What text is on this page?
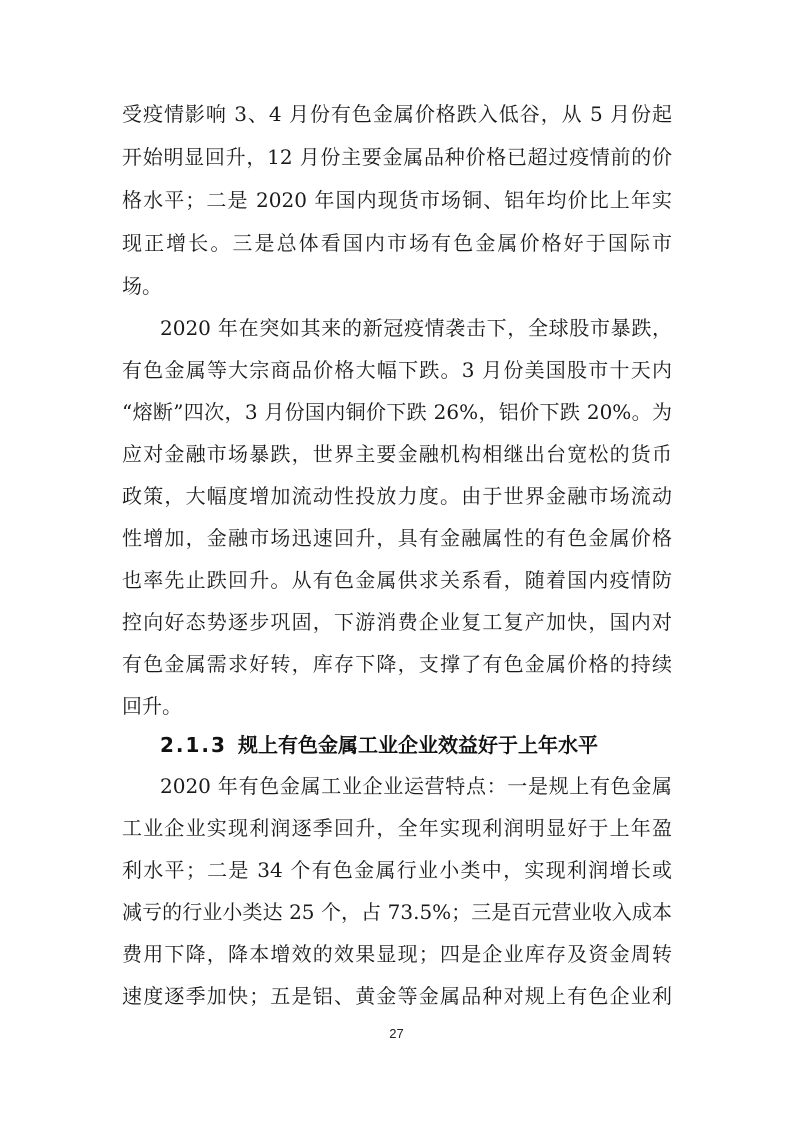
受疫情影响 3、4 月份有色金属价格跌入低谷，从 5 月份起
开始明显回升，12 月份主要金属品种价格已超过疫情前的价
格水平；二是 2020 年国内现货市场铜、铝年均价比上年实
现正增长。三是总体看国内市场有色金属价格好于国际市
场。
2020 年在突如其来的新冠疫情袭击下，全球股市暴跌，
有色金属等大宗商品价格大幅下跌。3 月份美国股市十天内
“熔断”四次，3 月份国内铜价下跌 26%，铝价下跌 20%。为
应对金融市场暴跌，世界主要金融机构相继出台宽松的货币
政策，大幅度增加流动性投放力度。由于世界金融市场流动
性增加，金融市场迅速回升，具有金融属性的有色金属价格
也率先止跌回升。从有色金属供求关系看，随着国内疫情防
控向好态势逐步巩固，下游消费企业复工复产加快，国内对
有色金属需求好转，库存下降，支撑了有色金属价格的持续
回升。
2.1.3 规上有色金属工业企业效益好于上年水平
2020 年有色金属工业企业运营特点：一是规上有色金属
工业企业实现利润逐季回升，全年实现利润明显好于上年盈
利水平；二是 34 个有色金属行业小类中，实现利润增长或
减亏的行业小类达 25 个，占 73.5%；三是百元营业收入成本
费用下降，降本增效的效果显现；四是企业库存及资金周转
速度逐季加快；五是铝、黄金等金属品种对规上有色企业利
27
